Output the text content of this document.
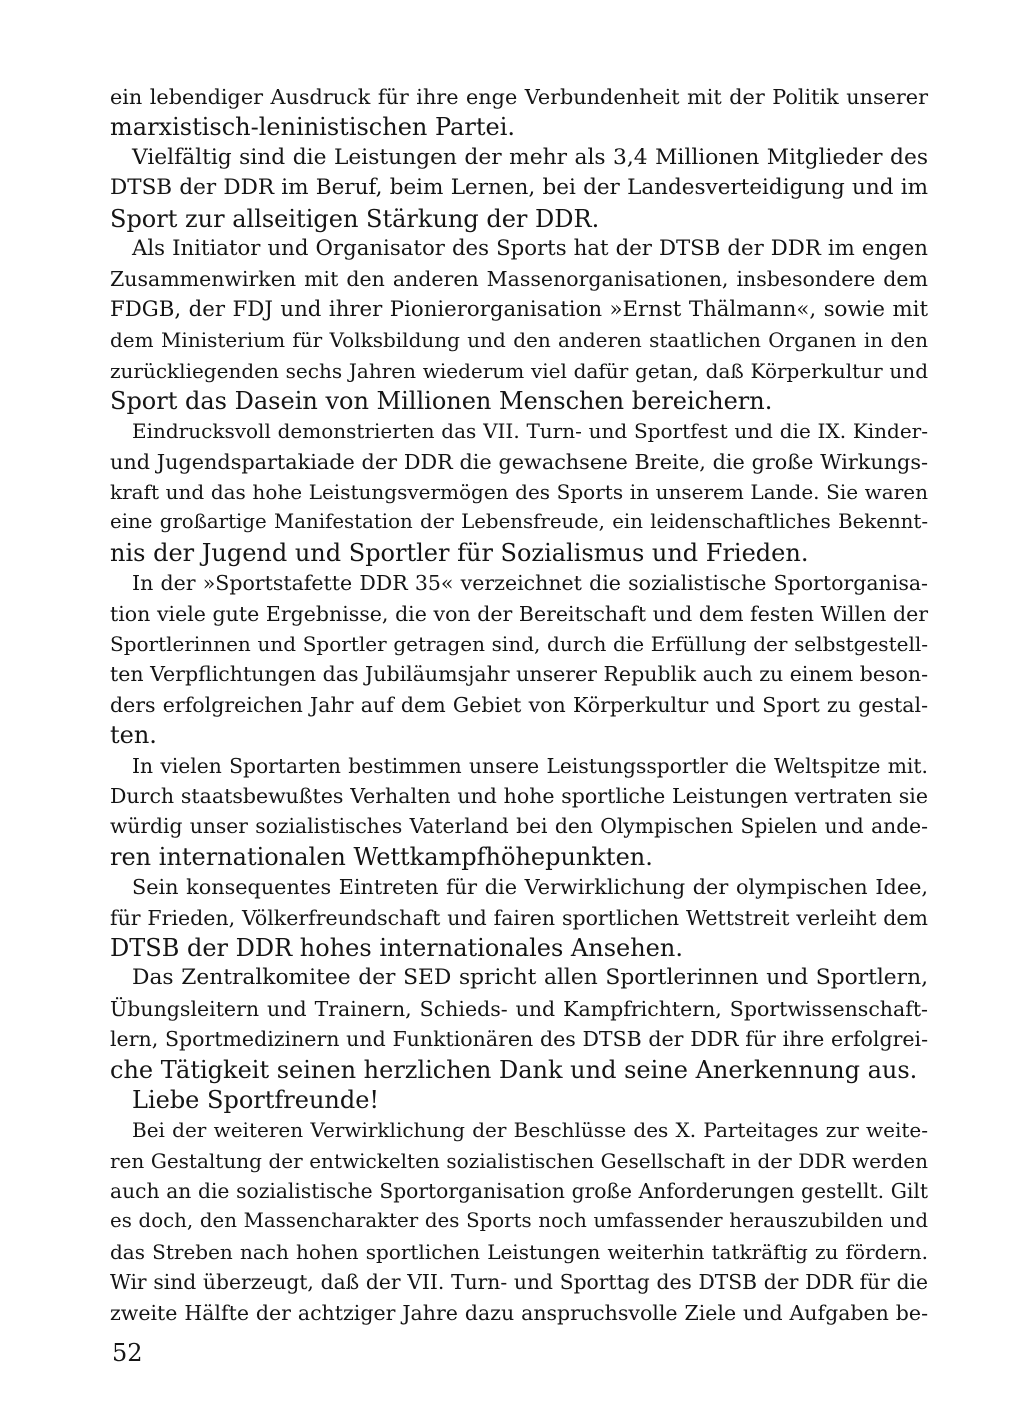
ein lebendiger Ausdruck für ihre enge Verbundenheit mit der Politik unserer
marxistisch-leninistischen Partei.
Vielfältig sind die Leistungen der mehr als 3,4 Millionen Mitglieder des
DTSB der DDR im Beruf, beim Lernen, bei der Landesverteidigung und im
Sport zur allseitigen Stärkung der DDR.
Als Initiator und Organisator des Sports hat der DTSB der DDR im engen
Zusammenwirken mit den anderen Massenorganisationen, insbesondere dem
FDGB, der FDJ und ihrer Pionierorganisation »Ernst Thälmann«, sowie mit
dem Ministerium für Volksbildung und den anderen staatlichen Organen in den
zurückliegenden sechs Jahren wiederum viel dafür getan, daß Körperkultur und
Sport das Dasein von Millionen Menschen bereichern.
Eindrucksvoll demonstrierten das VII. Turn- und Sportfest und die IX. Kinder-
und Jugendspartakiade der DDR die gewachsene Breite, die große Wirkungs-
kraft und das hohe Leistungsvermögen des Sports in unserem Lande. Sie waren
eine großartige Manifestation der Lebensfreude, ein leidenschaftliches Bekennt-
nis der Jugend und Sportler für Sozialismus und Frieden.
In der »Sportstafette DDR 35« verzeichnet die sozialistische Sportorganisa-
tion viele gute Ergebnisse, die von der Bereitschaft und dem festen Willen der
Sportlerinnen und Sportler getragen sind, durch die Erfüllung der selbstgestell-
ten Verpflichtungen das Jubiläumsjahr unserer Republik auch zu einem beson-
ders erfolgreichen Jahr auf dem Gebiet von Körperkultur und Sport zu gestal-
ten.
In vielen Sportarten bestimmen unsere Leistungssportler die Weltspitze mit.
Durch staatsbewußtes Verhalten und hohe sportliche Leistungen vertraten sie
würdig unser sozialistisches Vaterland bei den Olympischen Spielen und ande-
ren internationalen Wettkampfhöhepunkten.
Sein konsequentes Eintreten für die Verwirklichung der olympischen Idee,
für Frieden, Völkerfreundschaft und fairen sportlichen Wettstreit verleiht dem
DTSB der DDR hohes internationales Ansehen.
Das Zentralkomitee der SED spricht allen Sportlerinnen und Sportlern,
Übungsleitern und Trainern, Schieds- und Kampfrichtern, Sportwissenschaft-
lern, Sportmedizinern und Funktionären des DTSB der DDR für ihre erfolgrei-
che Tätigkeit seinen herzlichen Dank und seine Anerkennung aus.
Liebe Sportfreunde!
Bei der weiteren Verwirklichung der Beschlüsse des X. Parteitages zur weite-
ren Gestaltung der entwickelten sozialistischen Gesellschaft in der DDR werden
auch an die sozialistische Sportorganisation große Anforderungen gestellt. Gilt
es doch, den Massencharakter des Sports noch umfassender herauszubilden und
das Streben nach hohen sportlichen Leistungen weiterhin tatkräftig zu fördern.
Wir sind überzeugt, daß der VII. Turn- und Sporttag des DTSB der DDR für die
zweite Hälfte der achtziger Jahre dazu anspruchsvolle Ziele und Aufgaben be-
52
